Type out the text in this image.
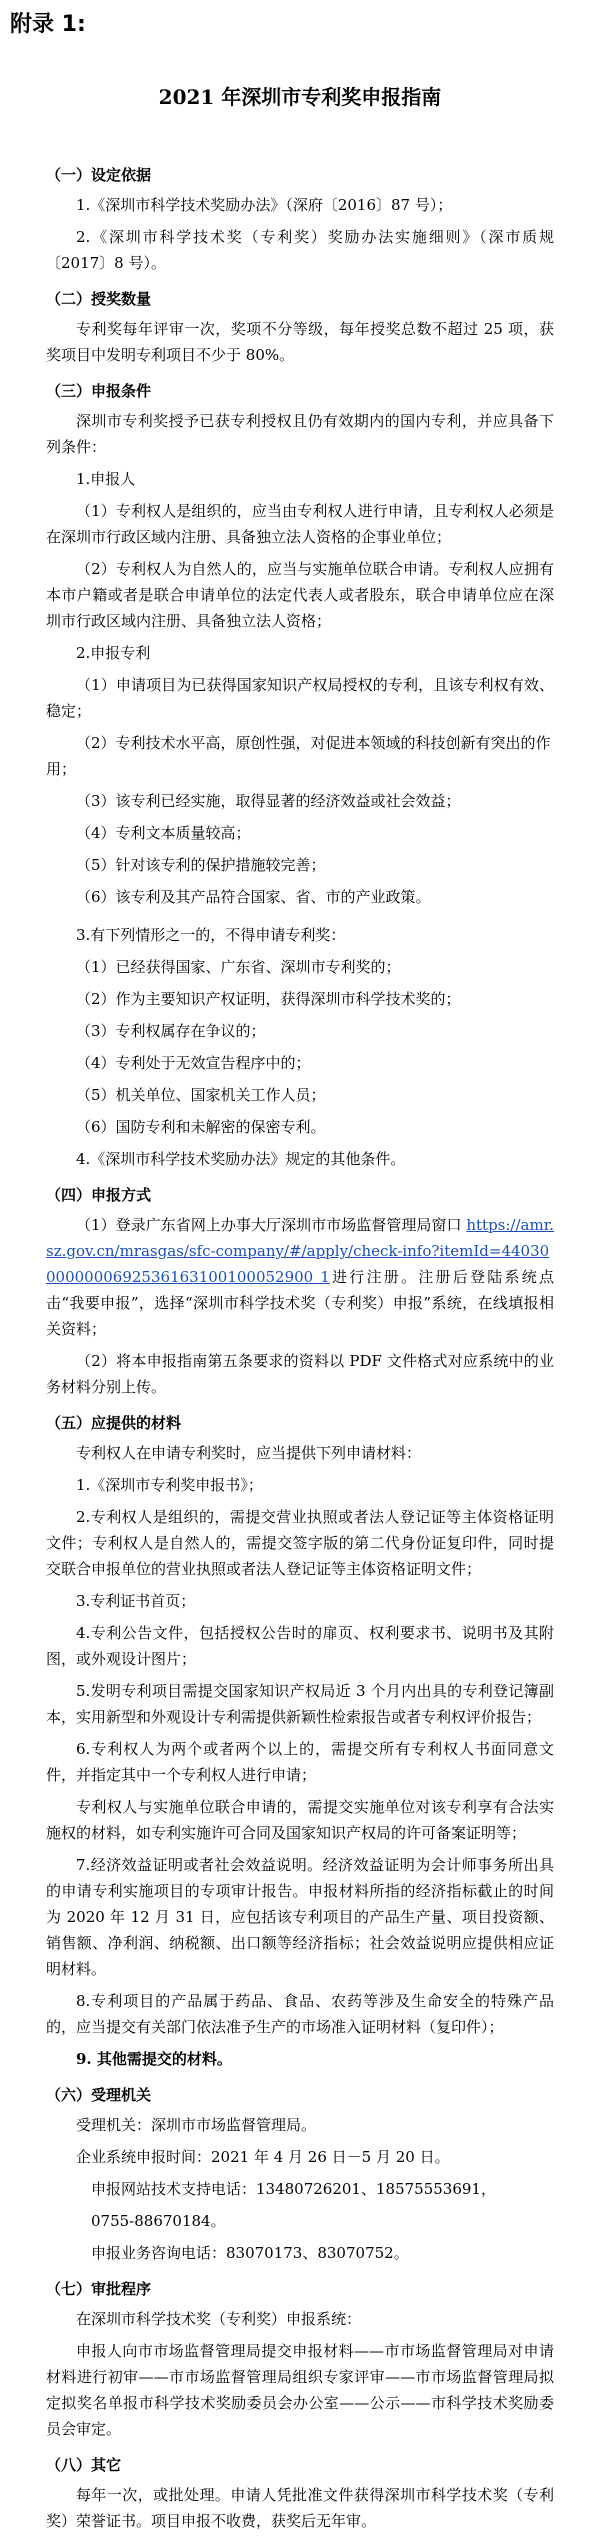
附录 1:
2021 年深圳市专利奖申报指南
（一）设定依据
1.《深圳市科学技术奖励办法》（深府〔2016〕87 号）；
2.《深圳市科学技术奖（专利奖）奖励办法实施细则》（深市质规〔2017〕8 号）。
（二）授奖数量
专利奖每年评审一次，奖项不分等级，每年授奖总数不超过 25 项，获奖项目中发明专利项目不少于 80%。
（三）申报条件
深圳市专利奖授予已获专利授权且仍有效期内的国内专利，并应具备下列条件：
1.申报人
（1）专利权人是组织的，应当由专利权人进行申请，且专利权人必须是在深圳市行政区域内注册、具备独立法人资格的企事业单位；
（2）专利权人为自然人的，应当与实施单位联合申请。专利权人应拥有本市户籍或者是联合申请单位的法定代表人或者股东，联合申请单位应在深圳市行政区域内注册、具备独立法人资格；
2.申报专利
（1）申请项目为已获得国家知识产权局授权的专利，且该专利权有效、稳定；
（2）专利技术水平高，原创性强，对促进本领域的科技创新有突出的作用；
（3）该专利已经实施，取得显著的经济效益或社会效益；
（4）专利文本质量较高；
（5）针对该专利的保护措施较完善；
（6）该专利及其产品符合国家、省、市的产业政策。
3.有下列情形之一的，不得申请专利奖：
（1）已经获得国家、广东省、深圳市专利奖的；
（2）作为主要知识产权证明，获得深圳市科学技术奖的；
（3）专利权属存在争议的；
（4）专利处于无效宣告程序中的；
（5）机关单位、国家机关工作人员；
（6）国防专利和未解密的保密专利。
4.《深圳市科学技术奖励办法》规定的其他条件。
（四）申报方式
（1）登录广东省网上办事大厅深圳市市场监督管理局窗口 https://amr.sz.gov.cn/mrasgas/sfc-company/#/apply/check-info?itemId=440300000000692536163100100052900 1进行注册。注册后登陆系统点击“我要申报”，选择“深圳市科学技术奖（专利奖）申报”系统，在线填报相关资料；
（2）将本申报指南第五条要求的资料以 PDF 文件格式对应系统中的业务材料分别上传。
（五）应提供的材料
专利权人在申请专利奖时，应当提供下列申请材料：
1.《深圳市专利奖申报书》；
2.专利权人是组织的，需提交营业执照或者法人登记证等主体资格证明文件；专利权人是自然人的，需提交签字版的第二代身份证复印件，同时提交联合申报单位的营业执照或者法人登记证等主体资格证明文件；
3.专利证书首页；
4.专利公告文件，包括授权公告时的扉页、权利要求书、说明书及其附图，或外观设计图片；
5.发明专利项目需提交国家知识产权局近 3 个月内出具的专利登记簿副本，实用新型和外观设计专利需提供新颖性检索报告或者专利权评价报告；
6.专利权人为两个或者两个以上的，需提交所有专利权人书面同意文件，并指定其中一个专利权人进行申请；
专利权人与实施单位联合申请的，需提交实施单位对该专利享有合法实施权的材料，如专利实施许可合同及国家知识产权局的许可备案证明等；
7.经济效益证明或者社会效益说明。经济效益证明为会计师事务所出具的申请专利实施项目的专项审计报告。申报材料所指的经济指标截止的时间为 2020 年 12 月 31 日，应包括该专利项目的产品生产量、项目投资额、销售额、净利润、纳税额、出口额等经济指标；社会效益说明应提供相应证明材料。
8.专利项目的产品属于药品、食品、农药等涉及生命安全的特殊产品的，应当提交有关部门依法准予生产的市场准入证明材料（复印件）；
9. 其他需提交的材料。
（六）受理机关
受理机关：深圳市市场监督管理局。
企业系统申报时间：2021 年 4 月 26 日－5 月 20 日。
申报网站技术支持电话：13480726201、18575553691，
0755-88670184。
申报业务咨询电话：83070173、83070752。
（七）审批程序
在深圳市科学技术奖（专利奖）申报系统：
申报人向市市场监督管理局提交申报材料——市市场监督管理局对申请材料进行初审——市市场监督管理局组织专家评审——市市场监督管理局拟定拟奖名单报市科学技术奖励委员会办公室——公示——市科学技术奖励委员会审定。
（八）其它
每年一次，或批处理。申请人凭批准文件获得深圳市科学技术奖（专利奖）荣誉证书。项目申报不收费，获奖后无年审。
